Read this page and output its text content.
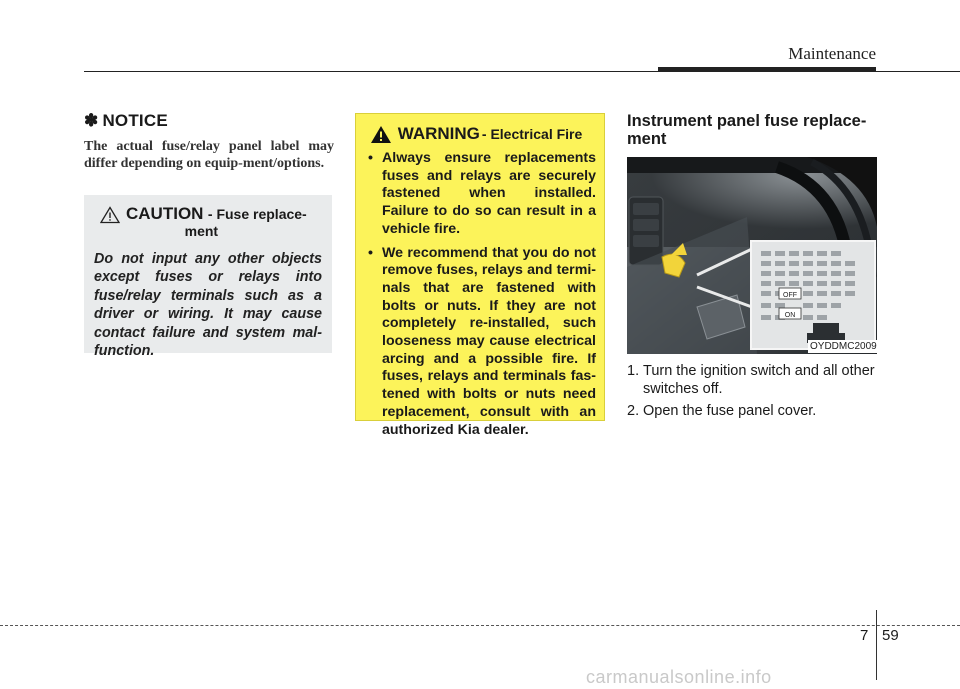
Maintenance
✽ NOTICE
The actual fuse/relay panel label may differ depending on equip-ment/options.
CAUTION - Fuse replace-
ment
Do not input any other objects except fuses or relays into fuse/relay terminals such as a driver or wiring. It may cause contact failure and system mal-function.
WARNING - Electrical Fire
• Always ensure replacements fuses and relays are securely fastened when installed. Failure to do so can result in a vehicle fire.
• We recommend that you do not remove fuses, relays and termi-nals that are fastened with bolts or nuts. If they are not completely re-installed, such looseness may cause electrical arcing and a possible fire. If fuses, relays and terminals fas-tened with bolts or nuts need replacement, consult with an authorized Kia dealer.
Instrument panel fuse replace-ment
OFF
ON
OYDDMC2009
1. Turn the ignition switch and all other switches off.
2. Open the fuse panel cover.
7 59
carmanualsonline.info
